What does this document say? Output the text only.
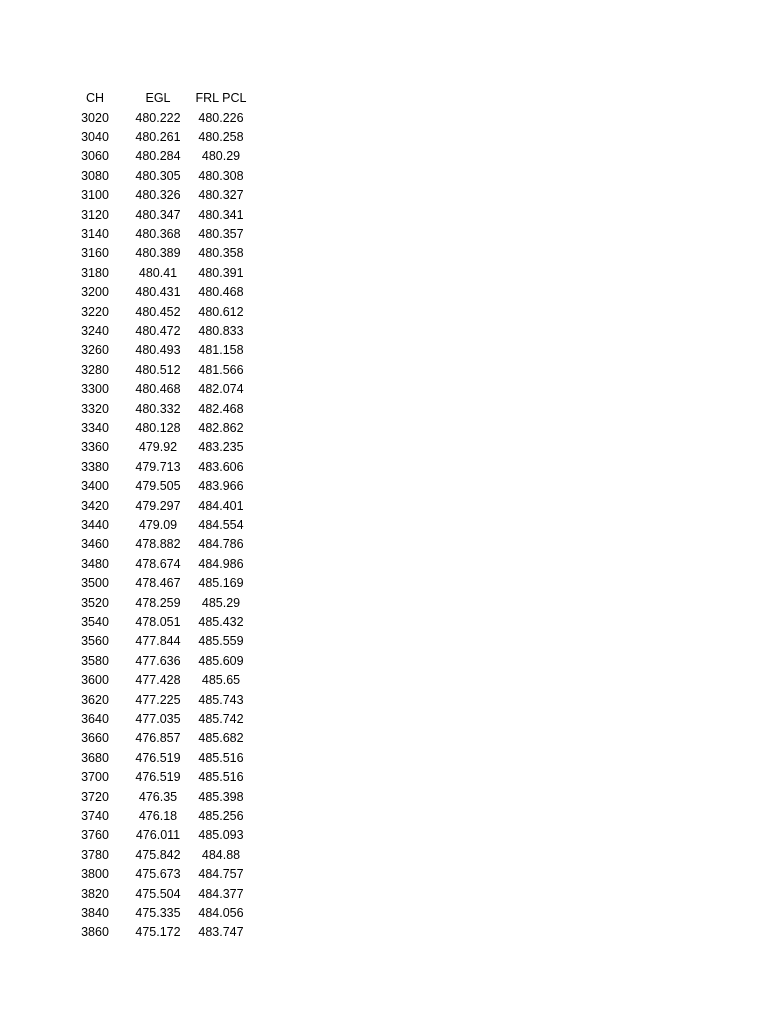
CH	EGL	FRL PCL
3020	480.222	480.226
3040	480.261	480.258
3060	480.284	480.29
3080	480.305	480.308
3100	480.326	480.327
3120	480.347	480.341
3140	480.368	480.357
3160	480.389	480.358
3180	480.41	480.391
3200	480.431	480.468
3220	480.452	480.612
3240	480.472	480.833
3260	480.493	481.158
3280	480.512	481.566
3300	480.468	482.074
3320	480.332	482.468
3340	480.128	482.862
3360	479.92	483.235
3380	479.713	483.606
3400	479.505	483.966
3420	479.297	484.401
3440	479.09	484.554
3460	478.882	484.786
3480	478.674	484.986
3500	478.467	485.169
3520	478.259	485.29
3540	478.051	485.432
3560	477.844	485.559
3580	477.636	485.609
3600	477.428	485.65
3620	477.225	485.743
3640	477.035	485.742
3660	476.857	485.682
3680	476.519	485.516
3700	476.519	485.516
3720	476.35	485.398
3740	476.18	485.256
3760	476.011	485.093
3780	475.842	484.88
3800	475.673	484.757
3820	475.504	484.377
3840	475.335	484.056
3860	475.172	483.747
